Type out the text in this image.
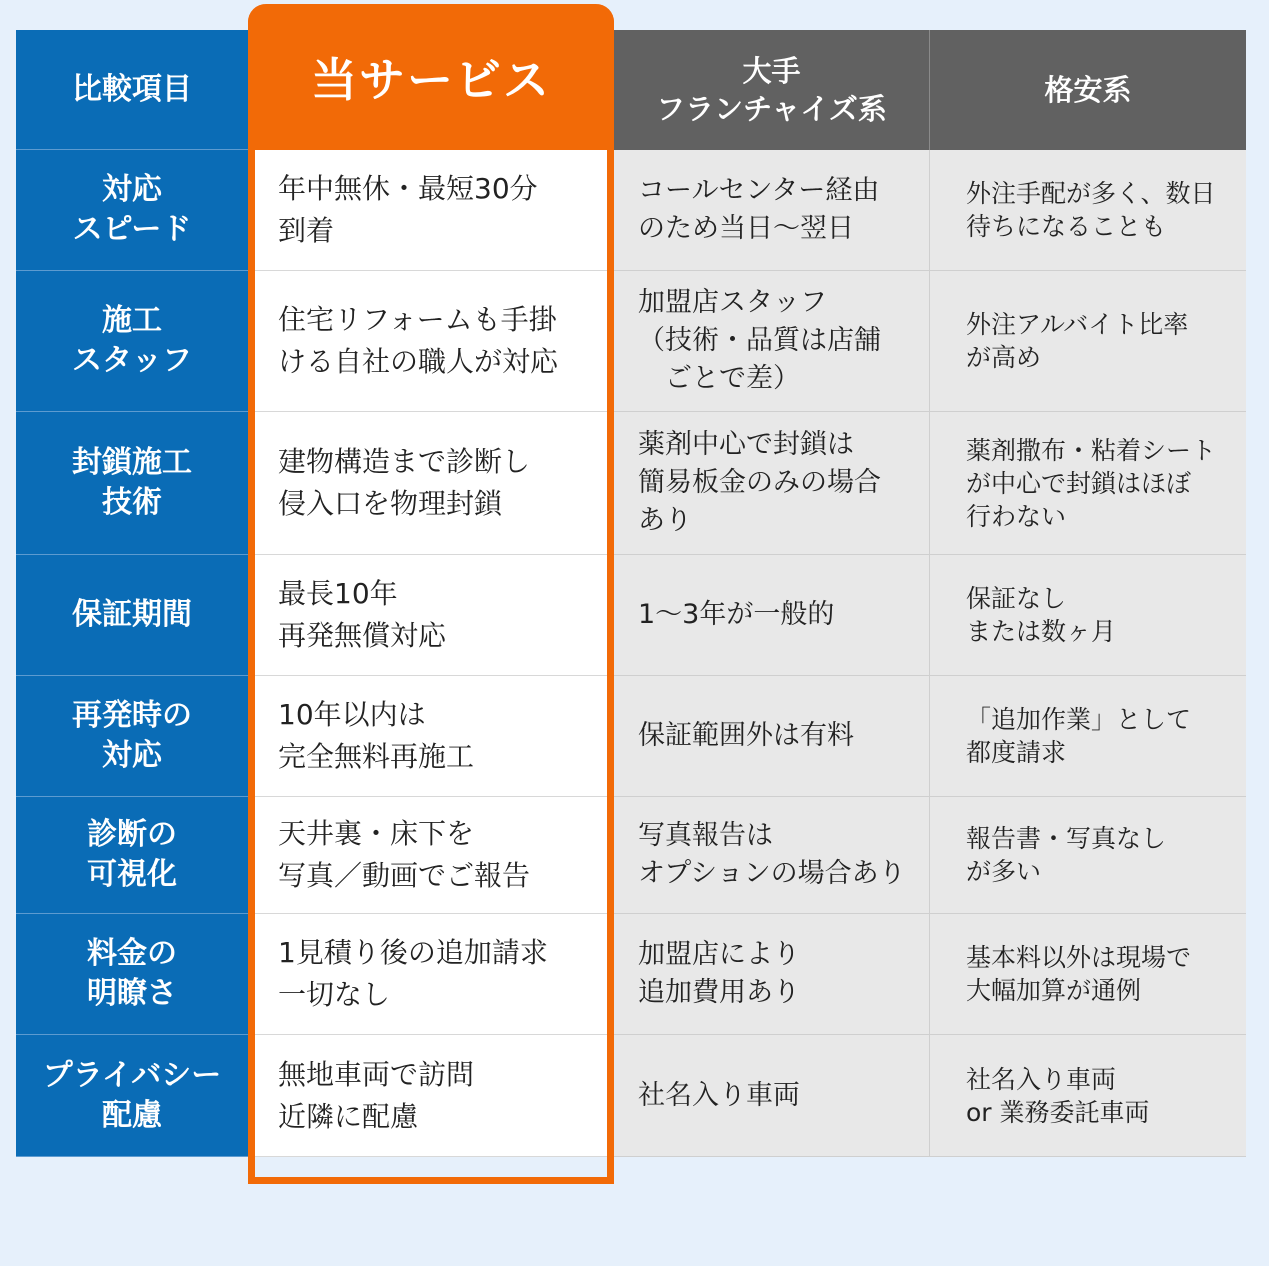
比較項目
大手
フランチャイズ系
格安系
対応
スピード
年中無休・最短30分
到着
コールセンター経由
のため当日〜翌日
外注手配が多く、数日
待ちになることも
施工
スタッフ
住宅リフォームも手掛
ける自社の職人が対応
加盟店スタッフ
（技術・品質は店舗
　ごとで差）
外注アルバイト比率
が高め
封鎖施工
技術
建物構造まで診断し
侵入口を物理封鎖
薬剤中心で封鎖は
簡易板金のみの場合
あり
薬剤撒布・粘着シート
が中心で封鎖はほぼ
行わない
保証期間
最長10年
再発無償対応
1〜3年が一般的
保証なし
または数ヶ月
再発時の
対応
10年以内は
完全無料再施工
保証範囲外は有料
「追加作業」として
都度請求
診断の
可視化
天井裏・床下を
写真／動画でご報告
写真報告は
オプションの場合あり
報告書・写真なし
が多い
料金の
明瞭さ
1見積り後の追加請求
一切なし
加盟店により
追加費用あり
基本料以外は現場で
大幅加算が通例
プライバシー
配慮
無地車両で訪問
近隣に配慮
社名入り車両
社名入り車両
or 業務委託車両
当サービス
